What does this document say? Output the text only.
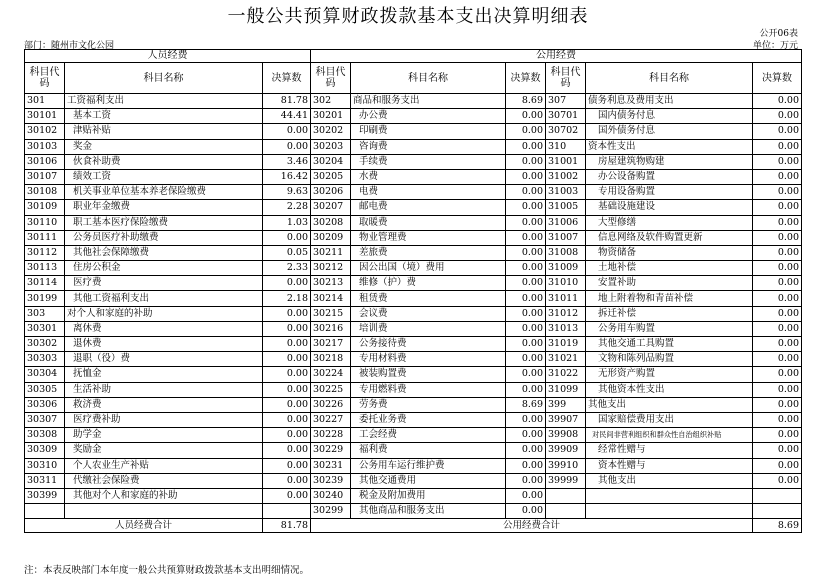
一般公共预算财政拨款基本支出决算明细表
公开06表
部门：随州市文化公园	单位：万元
人员经费			公用经费					
科目代码	科目名称	决算数	科目代码	科目名称	决算数	科目代码	科目名称	决算数
301	工资福利支出	81.78	302	商品和服务支出	8.69	307	债务利息及费用支出	0.00
30101	基本工资	44.41	30201	办公费	0.00	30701	国内债务付息	0.00
30102	津贴补贴	0.00	30202	印刷费	0.00	30702	国外债务付息	0.00
30103	奖金	0.00	30203	咨询费	0.00	310	资本性支出	0.00
30106	伙食补助费	3.46	30204	手续费	0.00	31001	房屋建筑物购建	0.00
30107	绩效工资	16.42	30205	水费	0.00	31002	办公设备购置	0.00
30108	机关事业单位基本养老保险缴费	9.63	30206	电费	0.00	31003	专用设备购置	0.00
30109	职业年金缴费	2.28	30207	邮电费	0.00	31005	基础设施建设	0.00
30110	职工基本医疗保险缴费	1.03	30208	取暖费	0.00	31006	大型修缮	0.00
30111	公务员医疗补助缴费	0.00	30209	物业管理费	0.00	31007	信息网络及软件购置更新	0.00
30112	其他社会保障缴费	0.05	30211	差旅费	0.00	31008	物资储备	0.00
30113	住房公积金	2.33	30212	因公出国（境）费用	0.00	31009	土地补偿	0.00
30114	医疗费	0.00	30213	维修（护）费	0.00	31010	安置补助	0.00
30199	其他工资福利支出	2.18	30214	租赁费	0.00	31011	地上附着物和青苗补偿	0.00
303	对个人和家庭的补助	0.00	30215	会议费	0.00	31012	拆迁补偿	0.00
30301	离休费	0.00	30216	培训费	0.00	31013	公务用车购置	0.00
30302	退休费	0.00	30217	公务接待费	0.00	31019	其他交通工具购置	0.00
30303	退职（役）费	0.00	30218	专用材料费	0.00	31021	文物和陈列品购置	0.00
30304	抚恤金	0.00	30224	被装购置费	0.00	31022	无形资产购置	0.00
30305	生活补助	0.00	30225	专用燃料费	0.00	31099	其他资本性支出	0.00
30306	救济费	0.00	30226	劳务费	8.69	399	其他支出	0.00
30307	医疗费补助	0.00	30227	委托业务费	0.00	39907	国家赔偿费用支出	0.00
30308	助学金	0.00	30228	工会经费	0.00	39908	对民间非营利组织和群众性自治组织补贴	0.00
30309	奖励金	0.00	30229	福利费	0.00	39909	经常性赠与	0.00
30310	个人农业生产补贴	0.00	30231	公务用车运行维护费	0.00	39910	资本性赠与	0.00
30311	代缴社会保险费	0.00	30239	其他交通费用	0.00	39999	其他支出	0.00
30399	其他对个人和家庭的补助	0.00	30240	税金及附加费用	0.00			
			30299	其他商品和服务支出	0.00			
人员经费合计		81.78	公用经费合计					8.69
注：本表反映部门本年度一般公共预算财政拨款基本支出明细情况。
